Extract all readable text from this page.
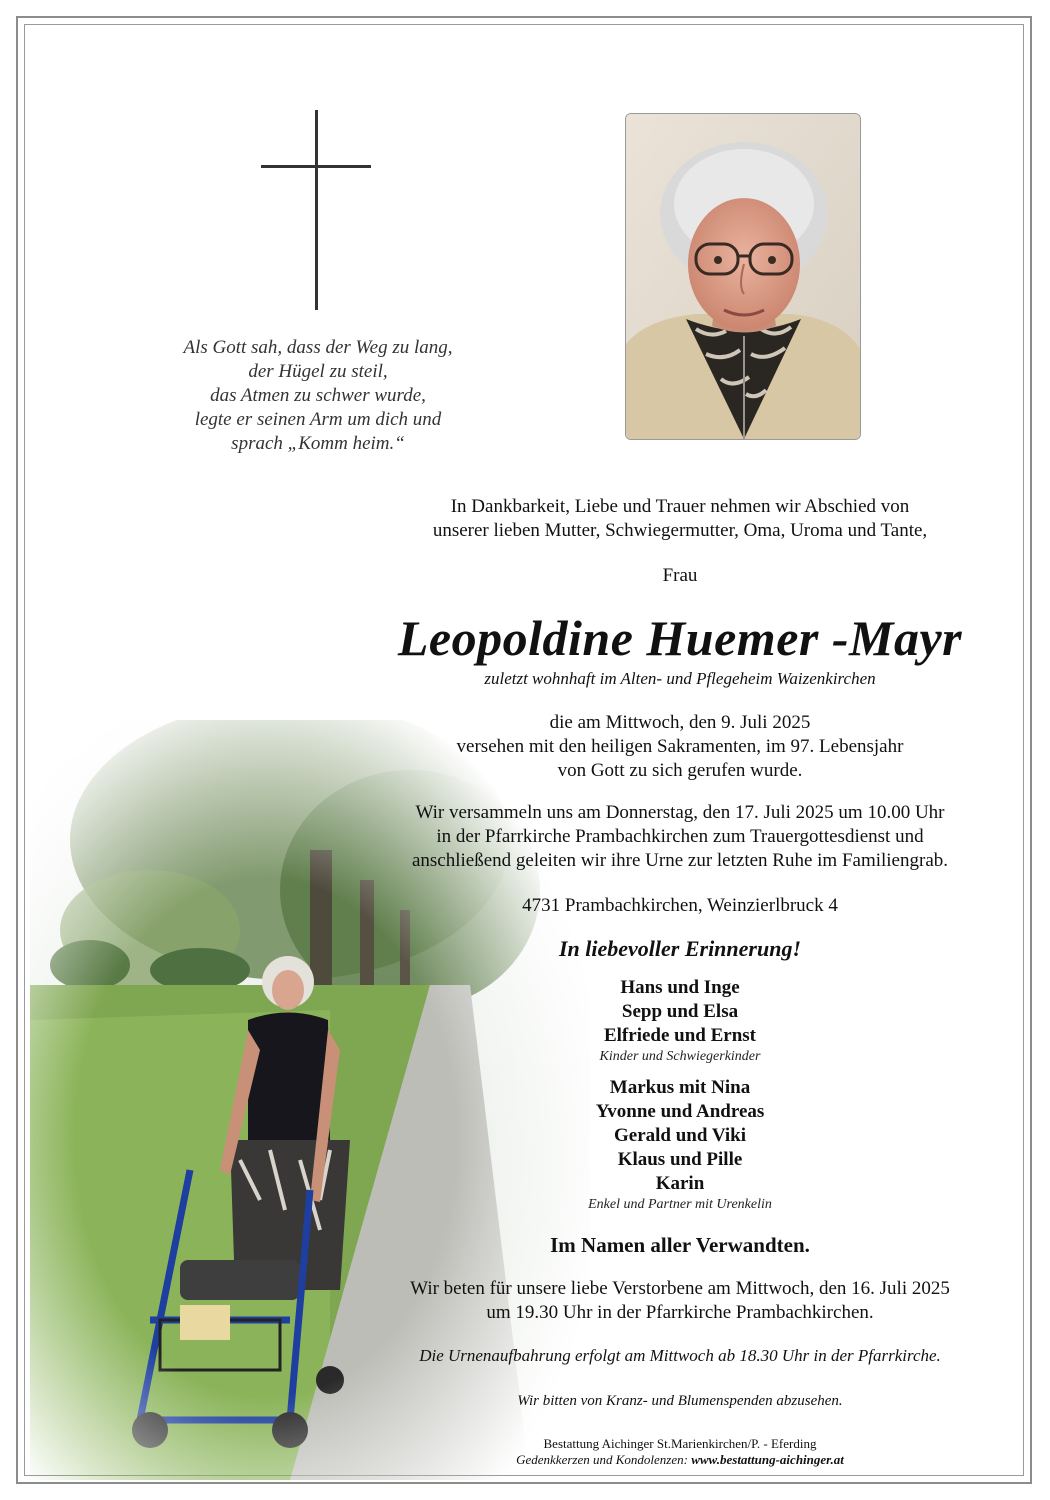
Als Gott sah, dass der Weg zu lang,
der Hügel zu steil,
das Atmen zu schwer wurde,
legte er seinen Arm um dich und
sprach „Komm heim.“
In Dankbarkeit, Liebe und Trauer nehmen wir Abschied von
unserer lieben Mutter, Schwiegermutter, Oma, Uroma und Tante,
Frau
Leopoldine Huemer -Mayr
zuletzt wohnhaft im Alten- und Pflegeheim Waizenkirchen
die am Mittwoch, den 9. Juli 2025
versehen mit den heiligen Sakramenten, im 97. Lebensjahr
von Gott zu sich gerufen wurde.
Wir versammeln uns am Donnerstag, den 17. Juli 2025 um 10.00 Uhr
in der Pfarrkirche Prambachkirchen zum Trauergottesdienst und
anschließend geleiten wir ihre Urne zur letzten Ruhe im Familiengrab.
4731 Prambachkirchen, Weinzierlbruck 4
In liebevoller Erinnerung!
Hans und Inge
Sepp und Elsa
Elfriede und Ernst
Kinder und Schwiegerkinder
Markus mit Nina
Yvonne und Andreas
Gerald und Viki
Klaus und Pille
Karin
Enkel und Partner mit Urenkelin
Im Namen aller Verwandten.
Wir beten für unsere liebe Verstorbene am Mittwoch, den 16. Juli 2025
um 19.30 Uhr in der Pfarrkirche Prambachkirchen.
Die Urnenaufbahrung erfolgt am Mittwoch ab 18.30 Uhr in der Pfarrkirche.
Wir bitten von Kranz- und Blumenspenden abzusehen.
Bestattung Aichinger St.Marienkirchen/P. - Eferding
Gedenkkerzen und Kondolenzen: www.bestattung-aichinger.at
